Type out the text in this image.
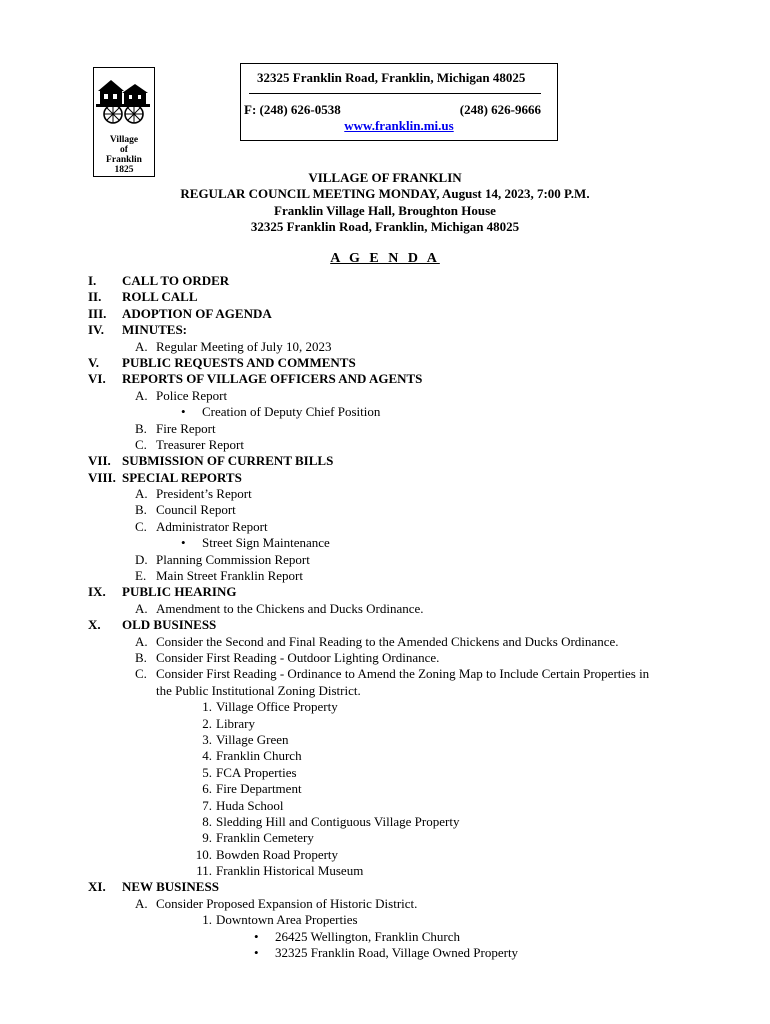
Village
of
Franklin
1825
32325 Franklin Road, Franklin, Michigan 48025
F: (248) 626-0538	(248) 626-9666
www.franklin.mi.us
VILLAGE OF FRANKLIN
REGULAR COUNCIL MEETING MONDAY, August 14, 2023, 7:00 P.M.
Franklin Village Hall, Broughton House
32325 Franklin Road, Franklin, Michigan 48025
A G E N D A
I. CALL TO ORDER
II. ROLL CALL
III. ADOPTION OF AGENDA
IV. MINUTES:
A. Regular Meeting of July 10, 2023
V. PUBLIC REQUESTS AND COMMENTS
VI. REPORTS OF VILLAGE OFFICERS AND AGENTS
A. Police Report
• Creation of Deputy Chief Position
B. Fire Report
C. Treasurer Report
VII. SUBMISSION OF CURRENT BILLS
VIII. SPECIAL REPORTS
A. President’s Report
B. Council Report
C. Administrator Report
• Street Sign Maintenance
D. Planning Commission Report
E. Main Street Franklin Report
IX. PUBLIC HEARING
A. Amendment to the Chickens and Ducks Ordinance.
X. OLD BUSINESS
A. Consider the Second and Final Reading to the Amended Chickens and Ducks Ordinance.
B. Consider First Reading - Outdoor Lighting Ordinance.
C. Consider First Reading - Ordinance to Amend the Zoning Map to Include Certain Properties in
the Public Institutional Zoning District.
1. Village Office Property
2. Library
3. Village Green
4. Franklin Church
5. FCA Properties
6. Fire Department
7. Huda School
8. Sledding Hill and Contiguous Village Property
9. Franklin Cemetery
10. Bowden Road Property
11. Franklin Historical Museum
XI. NEW BUSINESS
A. Consider Proposed Expansion of Historic District.
1. Downtown Area Properties
• 26425 Wellington, Franklin Church
• 32325 Franklin Road, Village Owned Property
